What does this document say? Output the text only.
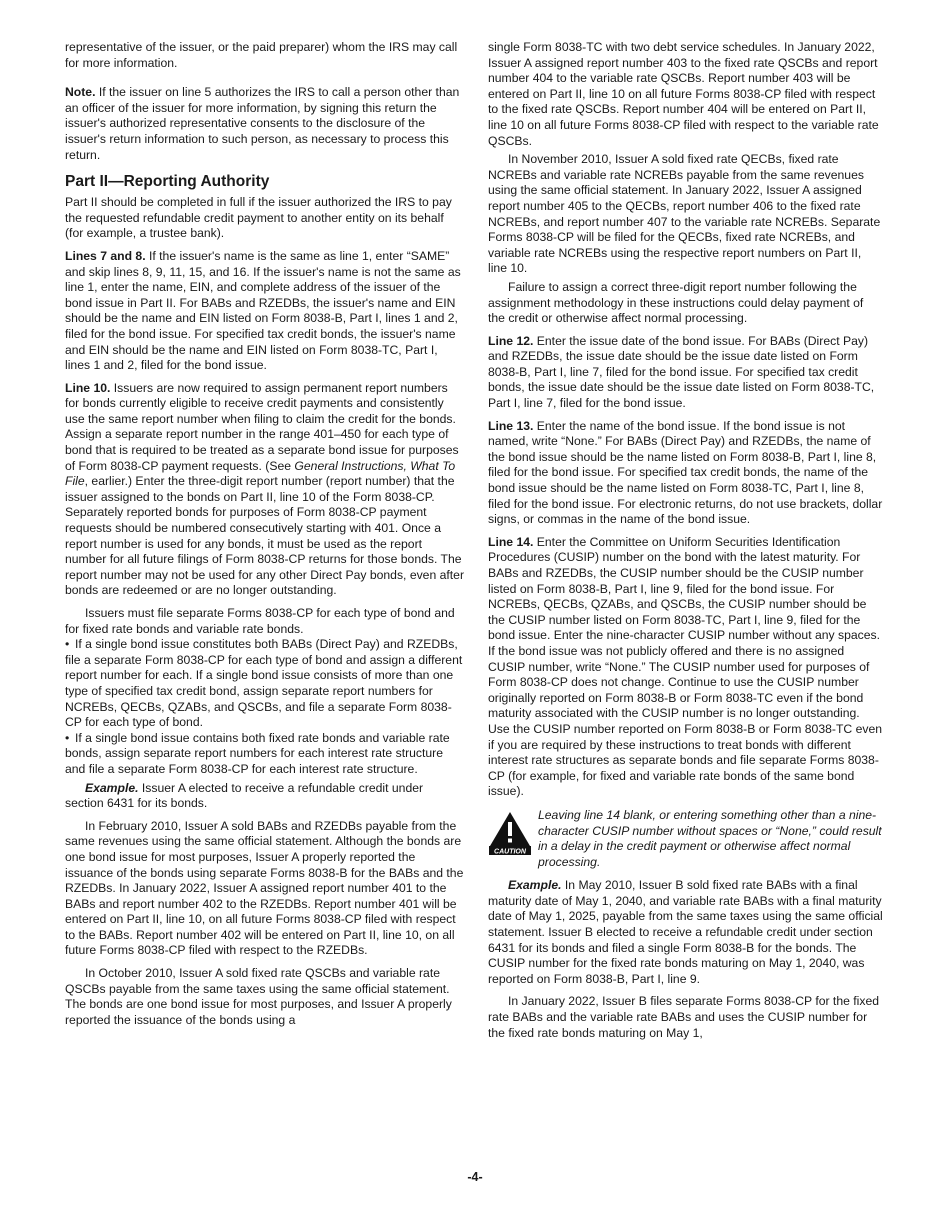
representative of the issuer, or the paid preparer) whom the IRS may call for more information.

Note. If the issuer on line 5 authorizes the IRS to call a person other than an officer of the issuer for more information, by signing this return the issuer's authorized representative consents to the disclosure of the issuer's return information to such person, as necessary to process this return.

Part II—Reporting Authority

Part II should be completed in full if the issuer authorized the IRS to pay the requested refundable credit payment to another entity on its behalf (for example, a trustee bank).

Lines 7 and 8. If the issuer's name is the same as line 1, enter “SAME” and skip lines 8, 9, 11, 15, and 16. If the issuer's name is not the same as line 1, enter the name, EIN, and complete address of the issuer of the bond issue in Part II. For BABs and RZEDBs, the issuer's name and EIN should be the name and EIN listed on Form 8038-B, Part I, lines 1 and 2, filed for the bond issue. For specified tax credit bonds, the issuer's name and EIN should be the name and EIN listed on Form 8038-TC, Part I, lines 1 and 2, filed for the bond issue.

Line 10. Issuers are now required to assign permanent report numbers for bonds currently eligible to receive credit payments and consistently use the same report number when filing to claim the credit for the bonds. Assign a separate report number in the range 401–450 for each type of bond that is required to be treated as a separate bond issue for purposes of Form 8038-CP payment requests. (See General Instructions, What To File, earlier.) Enter the three-digit report number (report number) that the issuer assigned to the bonds on Part II, line 10 of the Form 8038-CP. Separately reported bonds for purposes of Form 8038-CP payment requests should be numbered consecutively starting with 401. Once a report number is used for any bonds, it must be used as the report number for all future filings of Form 8038-CP returns for those bonds. The report number may not be used for any other Direct Pay bonds, even after bonds are redeemed or are no longer outstanding.

Issuers must file separate Forms 8038-CP for each type of bond and for fixed rate bonds and variable rate bonds.

• If a single bond issue constitutes both BABs (Direct Pay) and RZEDBs, file a separate Form 8038-CP for each type of bond and assign a different report number for each. If a single bond issue consists of more than one type of specified tax credit bond, assign separate report numbers for NCREBs, QECBs, QZABs, and QSCBs, and file a separate Form 8038-CP for each type of bond.

• If a single bond issue contains both fixed rate bonds and variable rate bonds, assign separate report numbers for each interest rate structure and file a separate Form 8038-CP for each interest rate structure.

Example. Issuer A elected to receive a refundable credit under section 6431 for its bonds.

In February 2010, Issuer A sold BABs and RZEDBs payable from the same revenues using the same official statement. Although the bonds are one bond issue for most purposes, Issuer A properly reported the issuance of the bonds using separate Forms 8038-B for the BABs and the RZEDBs. In January 2022, Issuer A assigned report number 401 to the BABs and report number 402 to the RZEDBs. Report number 401 will be entered on Part II, line 10, on all future Forms 8038-CP filed with respect to the BABs. Report number 402 will be entered on Part II, line 10, on all future Forms 8038-CP filed with respect to the RZEDBs.

In October 2010, Issuer A sold fixed rate QSCBs and variable rate QSCBs payable from the same taxes using the same official statement. The bonds are one bond issue for most purposes, and Issuer A properly reported the issuance of the bonds using a

single Form 8038-TC with two debt service schedules. In January 2022, Issuer A assigned report number 403 to the fixed rate QSCBs and report number 404 to the variable rate QSCBs. Report number 403 will be entered on Part II, line 10 on all future Forms 8038-CP filed with respect to the fixed rate QSCBs. Report number 404 will be entered on Part II, line 10 on all future Forms 8038-CP filed with respect to the variable rate QSCBs.

In November 2010, Issuer A sold fixed rate QECBs, fixed rate NCREBs and variable rate NCREBs payable from the same revenues using the same official statement. In January 2022, Issuer A assigned report number 405 to the QECBs, report number 406 to the fixed rate NCREBs, and report number 407 to the variable rate NCREBs. Separate Forms 8038-CP will be filed for the QECBs, fixed rate NCREBs, and variable rate NCREBs using the respective report numbers on Part II, line 10.

Failure to assign a correct three-digit report number following the assignment methodology in these instructions could delay payment of the credit or otherwise affect normal processing.

Line 12. Enter the issue date of the bond issue. For BABs (Direct Pay) and RZEDBs, the issue date should be the issue date listed on Form 8038-B, Part I, line 7, filed for the bond issue. For specified tax credit bonds, the issue date should be the issue date listed on Form 8038-TC, Part I, line 7, filed for the bond issue.

Line 13. Enter the name of the bond issue. If the bond issue is not named, write “None.” For BABs (Direct Pay) and RZEDBs, the name of the bond issue should be the name listed on Form 8038-B, Part I, line 8, filed for the bond issue. For specified tax credit bonds, the name of the bond issue should be the name listed on Form 8038-TC, Part I, line 8, filed for the bond issue. For electronic returns, do not use brackets, dollar signs, or commas in the name of the bond issue.

Line 14. Enter the Committee on Uniform Securities Identification Procedures (CUSIP) number on the bond with the latest maturity. For BABs and RZEDBs, the CUSIP number should be the CUSIP number listed on Form 8038-B, Part I, line 9, filed for the bond issue. For NCREBs, QECBs, QZABs, and QSCBs, the CUSIP number should be the CUSIP number listed on Form 8038-TC, Part I, line 9, filed for the bond issue. Enter the nine-character CUSIP number without any spaces. If the bond issue was not publicly offered and there is no assigned CUSIP number, write “None.” The CUSIP number used for purposes of Form 8038-CP does not change. Continue to use the CUSIP number originally reported on Form 8038-B or Form 8038-TC even if the bond maturity associated with the CUSIP number is no longer outstanding. Use the CUSIP number reported on Form 8038-B or Form 8038-TC even if you are required by these instructions to treat bonds with different interest rate structures as separate bonds and file separate Forms 8038-CP (for example, for fixed and variable rate bonds of the same bond issue).

CAUTION
Leaving line 14 blank, or entering something other than a nine-character CUSIP number without spaces or “None,” could result in a delay in the credit payment or otherwise affect normal processing.

Example. In May 2010, Issuer B sold fixed rate BABs with a final maturity date of May 1, 2040, and variable rate BABs with a final maturity date of May 1, 2025, payable from the same taxes using the same official statement. Issuer B elected to receive a refundable credit under section 6431 for its bonds and filed a single Form 8038-B for the bonds. The CUSIP number for the fixed rate bonds maturing on May 1, 2040, was reported on Form 8038-B, Part I, line 9.

In January 2022, Issuer B files separate Forms 8038-CP for the fixed rate BABs and the variable rate BABs and uses the CUSIP number for the fixed rate bonds maturing on May 1,

-4-
